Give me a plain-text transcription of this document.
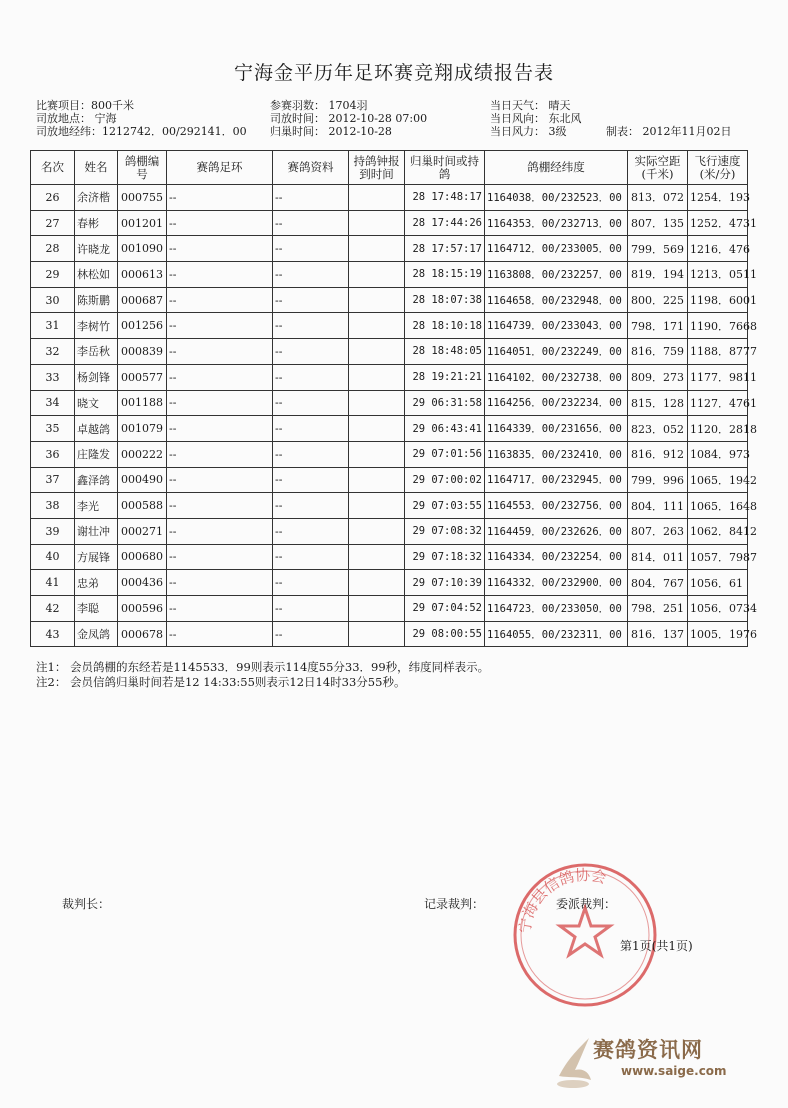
宁海金平历年足环赛竞翔成绩报告表
比赛项目：800千米
司放地点： 宁海
司放地经纬：1212742．00/292141．00
参赛羽数： 1704羽
司放时间： 2012-10-28 07:00
归巢时间： 2012-10-28
当日天气： 晴天
当日风向： 东北风
当日风力： 3级	制表： 2012年11月02日
名次	姓名	鸽棚编号	赛鸽足环	赛鸽资料	持鸽钟报到时间	归巢时间或持鸽	鸽棚经纬度	实际空距(千米)	飞行速度(米/分)
26	余济楷	000755	--	--		28 17:48:17	1164038．00/232523．00	813．072	1254．193
27	春彬	001201	--	--		28 17:44:26	1164353．00/232713．00	807．135	1252．4731
28	许晓龙	001090	--	--		28 17:57:17	1164712．00/233005．00	799．569	1216．476
29	林松如	000613	--	--		28 18:15:19	1163808．00/232257．00	819．194	1213．0511
30	陈斯鹏	000687	--	--		28 18:07:38	1164658．00/232948．00	800．225	1198．6001
31	李树竹	001256	--	--		28 18:10:18	1164739．00/233043．00	798．171	1190．7668
32	李岳秋	000839	--	--		28 18:48:05	1164051．00/232249．00	816．759	1188．8777
33	杨剑锋	000577	--	--		28 19:21:21	1164102．00/232738．00	809．273	1177．9811
34	晓文	001188	--	--		29 06:31:58	1164256．00/232234．00	815．128	1127．4761
35	卓越鸽	001079	--	--		29 06:43:41	1164339．00/231656．00	823．052	1120．2818
36	庄隆发	000222	--	--		29 07:01:56	1163835．00/232410．00	816．912	1084．973
37	鑫泽鸽	000490	--	--		29 07:00:02	1164717．00/232945．00	799．996	1065．1942
38	李光	000588	--	--		29 07:03:55	1164553．00/232756．00	804．111	1065．1648
39	谢壮冲	000271	--	--		29 07:08:32	1164459．00/232626．00	807．263	1062．8412
40	方展锋	000680	--	--		29 07:18:32	1164334．00/232254．00	814．011	1057．7987
41	忠弟	000436	--	--		29 07:10:39	1164332．00/232900．00	804．767	1056．61
42	李聪	000596	--	--		29 07:04:52	1164723．00/233050．00	798．251	1056．0734
43	金凤鸽	000678	--	--		29 08:00:55	1164055．00/232311．00	816．137	1005．1976
注1： 会员鸽棚的东经若是1145533．99则表示114度55分33．99秒，纬度同样表示。
注2： 会员信鸽归巢时间若是12 14:33:55则表示12日14时33分55秒。
裁判长：	记录裁判：	委派裁判：
宁海县信鸽协会
第1页(共1页)
赛鸽资讯网
www.saige.com
